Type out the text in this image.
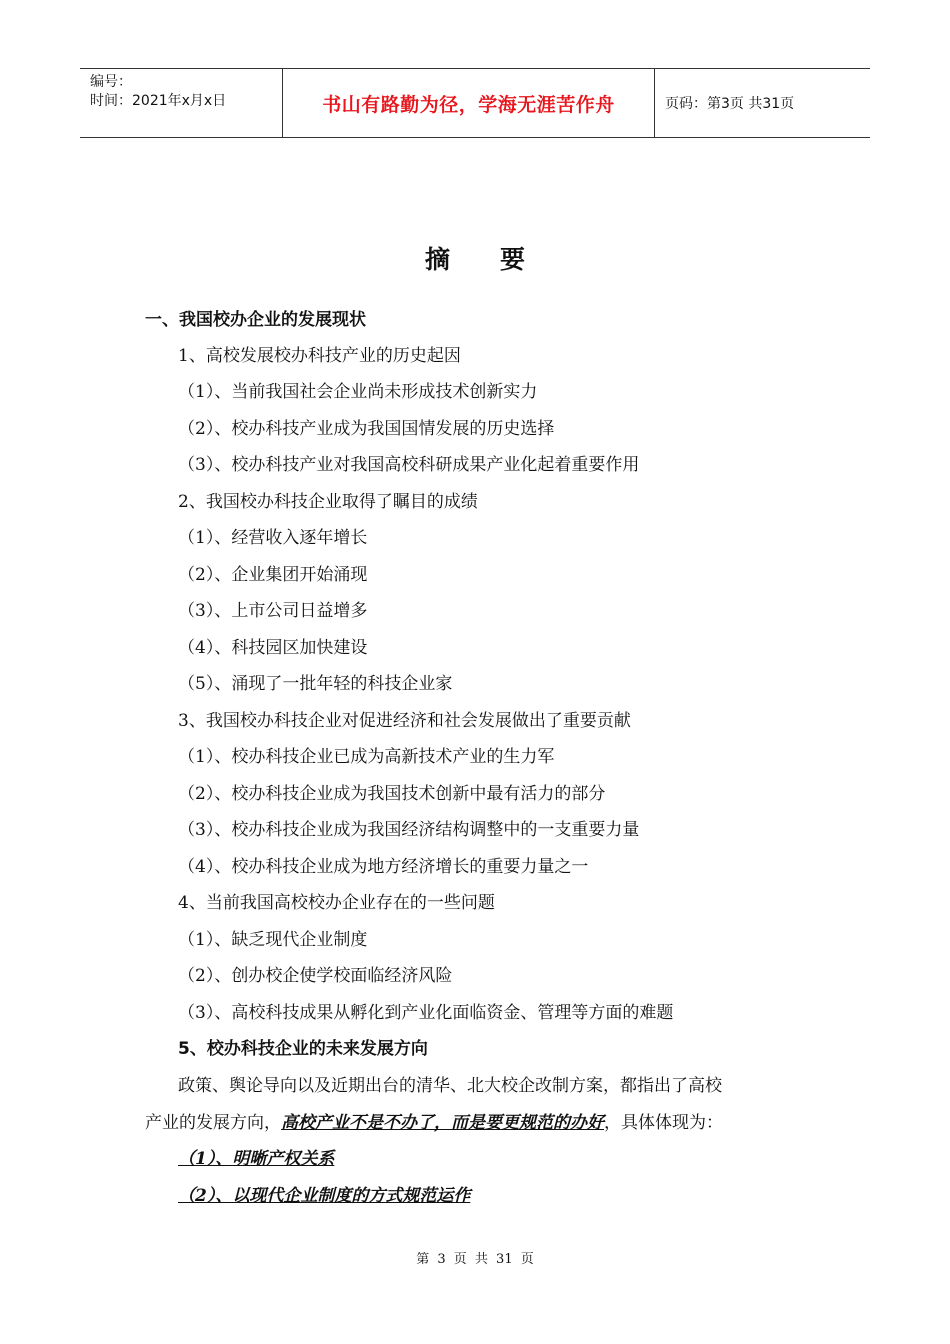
编号：
时间：2021年x月x日	书山有路勤为径，学海无涯苦作舟	页码：第3页 共31页
摘要
一、我国校办企业的发展现状
1、高校发展校办科技产业的历史起因
（1）、当前我国社会企业尚未形成技术创新实力
（2）、校办科技产业成为我国国情发展的历史选择
（3）、校办科技产业对我国高校科研成果产业化起着重要作用
2、我国校办科技企业取得了瞩目的成绩
（1）、经营收入逐年增长
（2）、企业集团开始涌现
（3）、上市公司日益增多
（4）、科技园区加快建设
（5）、涌现了一批年轻的科技企业家
3、我国校办科技企业对促进经济和社会发展做出了重要贡献
（1）、校办科技企业已成为高新技术产业的生力军
（2）、校办科技企业成为我国技术创新中最有活力的部分
（3）、校办科技企业成为我国经济结构调整中的一支重要力量
（4）、校办科技企业成为地方经济增长的重要力量之一
4、当前我国高校校办企业存在的一些问题
（1）、缺乏现代企业制度
（2）、创办校企使学校面临经济风险
（3）、高校科技成果从孵化到产业化面临资金、管理等方面的难题
5、校办科技企业的未来发展方向
政策、舆论导向以及近期出台的清华、北大校企改制方案，都指出了高校
产业的发展方向，高校产业不是不办了，而是要更规范的办好，具体体现为：
（1）、明晰产权关系
（2）、以现代企业制度的方式规范运作
第 3 页 共 31 页
